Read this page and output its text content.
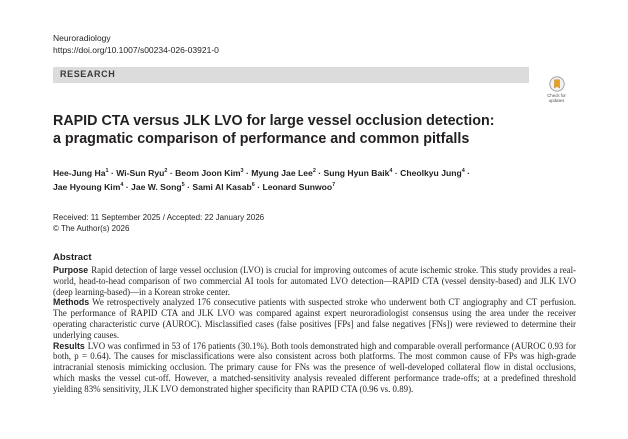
Neuroradiology
https://doi.org/10.1007/s00234-026-03921-0
RESEARCH
Check for
updates
RAPID CTA versus JLK LVO for large vessel occlusion detection:
a pragmatic comparison of performance and common pitfalls
Hee-Jung $Ha^1 \cdot Wi-Sun$ Ryu$^2$ · Beom Joon Kim$^3$ · Myung Jae Lee$^2$ · Sung Hyun Baik$^4$ · Cheolkyu Jung$^4$ ·
Jae Hyoung Kim$^4$ · Jae W. Song$^5$ · Sami Al Kasab$^6$ · Leonard Sunwoo$^7$
Received: 11 September 2025 / Accepted: 22 January 2026
© The Author(s) 2026
Abstract

Purpose Rapid detection of large vessel occlusion (LVO) is crucial for improving outcomes of acute ischemic stroke. This study provides a real-world, head-to-head comparison of two commercial AI tools for automated LVO detection—RAPID CTA (vessel density-based) and JLK LVO (deep learning-based)—in a Korean stroke center.

Methods We retrospectively analyzed 176 consecutive patients with suspected stroke who underwent both CT angiography and CT perfusion. The performance of RAPID CTA and JLK LVO was compared against expert neuroradiologist consensus using the area under the receiver operating characteristic curve (AUROC). Misclassified cases (false positives [FPs] and false negatives [FNs]) were reviewed to determine their underlying causes.

Results LVO was confirmed in 53 of 176 patients (30.1%). Both tools demonstrated high and comparable overall performance (AUROC 0.93 for both, p = 0.64). The causes for misclassifications were also consistent across both platforms. The most common cause of FPs was high-grade intracranial stenosis mimicking occlusion. The primary cause for FNs was the presence of well-developed collateral flow in distal occlusions, which masks the vessel cut-off. However, a matched-sensitivity analysis revealed different performance trade-offs; at a predefined threshold yielding 83% sensitivity, JLK LVO demonstrated higher specificity than RAPID CTA (0.96 vs. 0.89).
